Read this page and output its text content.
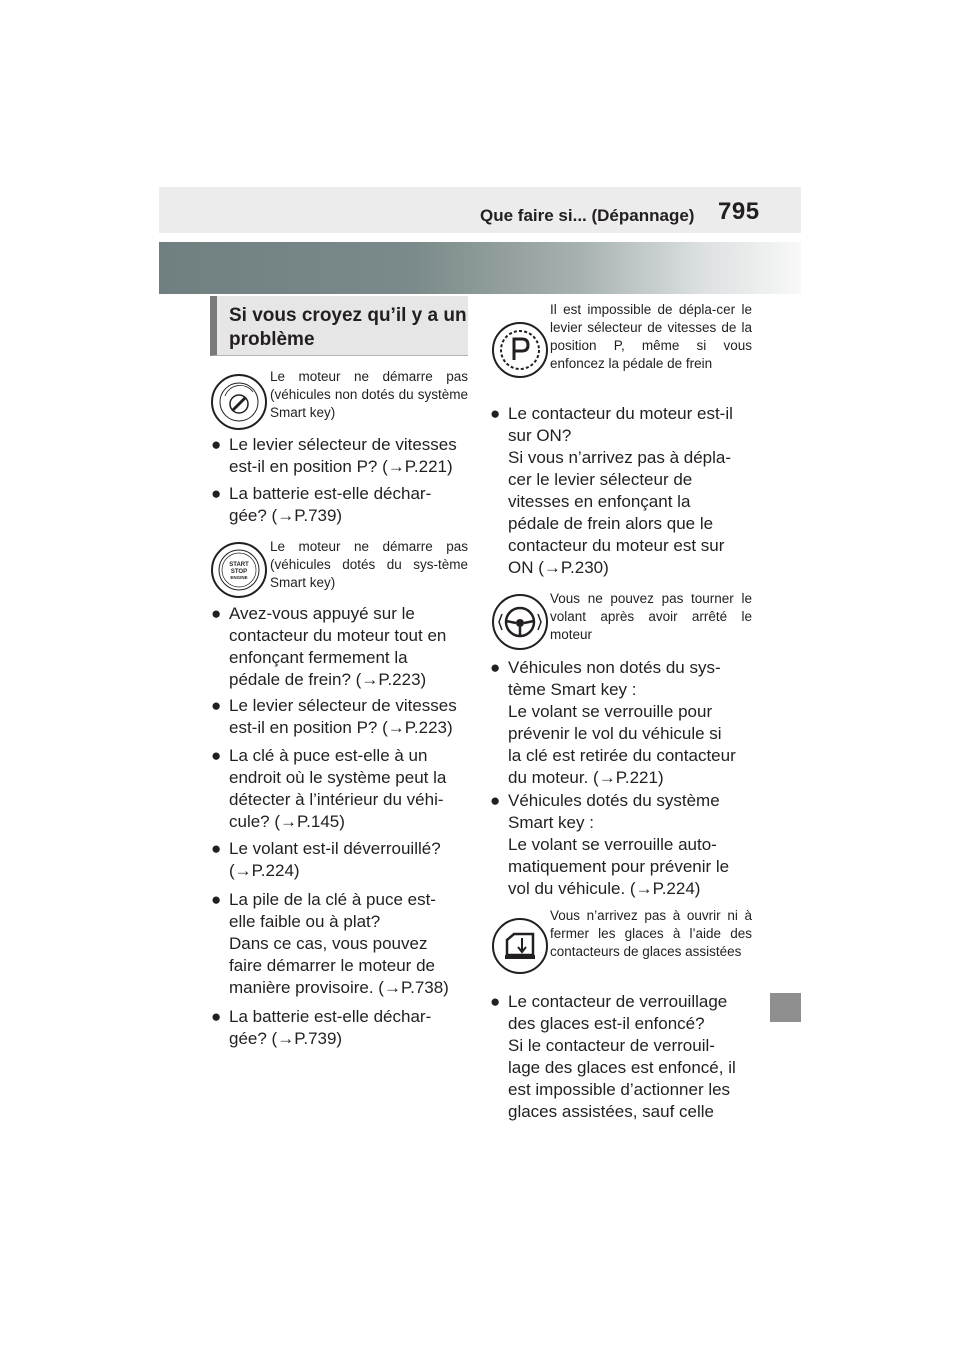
Que faire si... (Dépannage) 795
Si vous croyez qu’il y a un problème
Le moteur ne démarre pas (véhicules non dotés du système Smart key)
● Le levier sélecteur de vitesses
est-il en position P? (→P.221)
● La batterie est-elle déchar-
gée? (→P.739)
START
STOP
ENGINE
Le moteur ne démarre pas (véhicules dotés du sys-tème Smart key)
● Avez-vous appuyé sur le
contacteur du moteur tout en
enfonçant fermement la
pédale de frein? (→P.223)
● Le levier sélecteur de vitesses
est-il en position P? (→P.223)
● La clé à puce est-elle à un
endroit où le système peut la
détecter à l’intérieur du véhi-
cule? (→P.145)
● Le volant est-il déverrouillé?
(→P.224)
● La pile de la clé à puce est-
elle faible ou à plat?
Dans ce cas, vous pouvez
faire démarrer le moteur de
manière provisoire. (→P.738)
● La batterie est-elle déchar-
gée? (→P.739)
Il est impossible de dépla-cer le levier sélecteur de vitesses de la position P, même si vous enfoncez la pédale de frein
● Le contacteur du moteur est-il
sur ON?
Si vous n’arrivez pas à dépla-
cer le levier sélecteur de
vitesses en enfonçant la
pédale de frein alors que le
contacteur du moteur est sur
ON (→P.230)
Vous ne pouvez pas tourner le volant après avoir arrêté le moteur
● Véhicules non dotés du sys-
tème Smart key :
Le volant se verrouille pour
prévenir le vol du véhicule si
la clé est retirée du contacteur
du moteur. (→P.221)
● Véhicules dotés du système
Smart key :
Le volant se verrouille auto-
matiquement pour prévenir le
vol du véhicule. (→P.224)
Vous n’arrivez pas à ouvrir ni à fermer les glaces à l’aide des contacteurs de glaces assistées
● Le contacteur de verrouillage
des glaces est-il enfoncé?
Si le contacteur de verrouil-
lage des glaces est enfoncé, il
est impossible d’actionner les
glaces assistées, sauf celle
